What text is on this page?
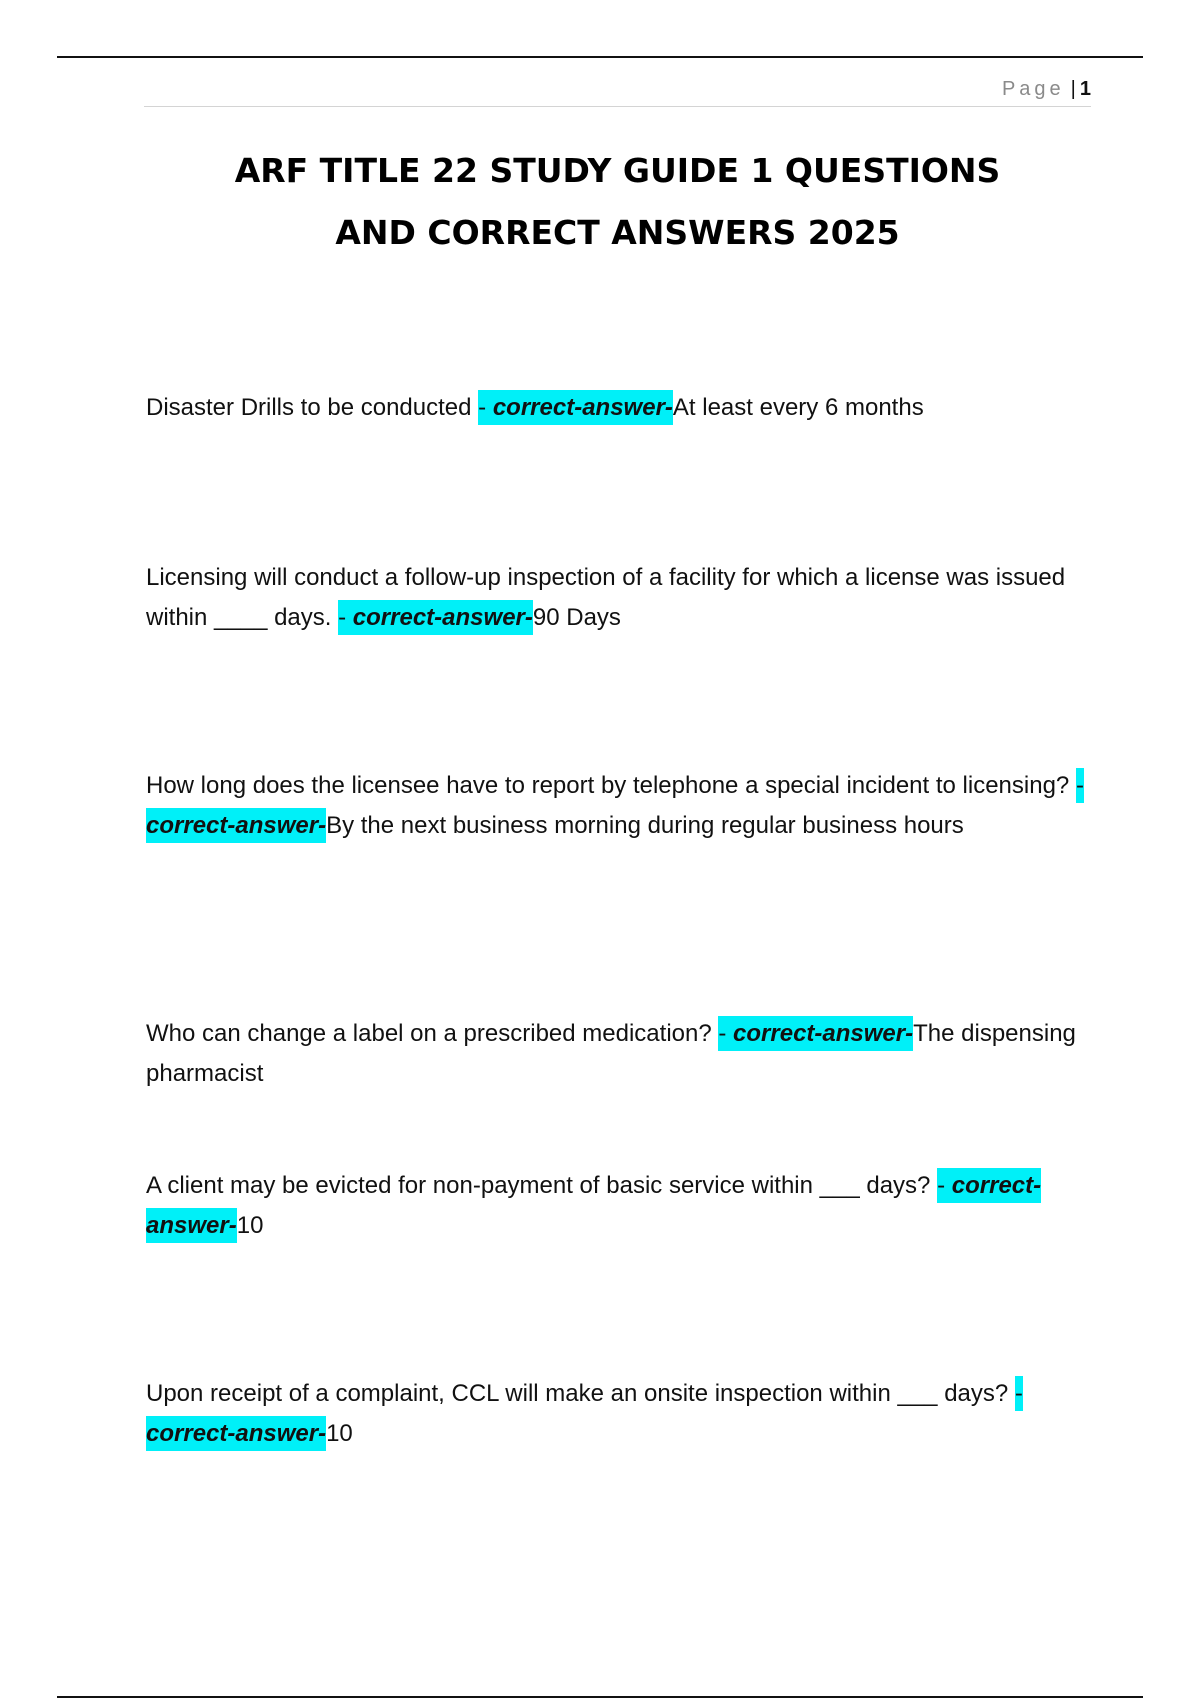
Page | 1
ARF TITLE 22 STUDY GUIDE 1 QUESTIONS
AND CORRECT ANSWERS 2025

Disaster Drills to be conducted - correct-answer-At least every 6 months

Licensing will conduct a follow-up inspection of a facility for which a license was issued within ____ days. - correct-answer-90 Days

How long does the licensee have to report by telephone a special incident to licensing? - correct-answer-By the next business morning during regular business hours

Who can change a label on a prescribed medication? - correct-answer-The dispensing pharmacist

A client may be evicted for non-payment of basic service within ___ days? - correct-answer-10

Upon receipt of a complaint, CCL will make an onsite inspection within ___ days? - correct-answer-10
